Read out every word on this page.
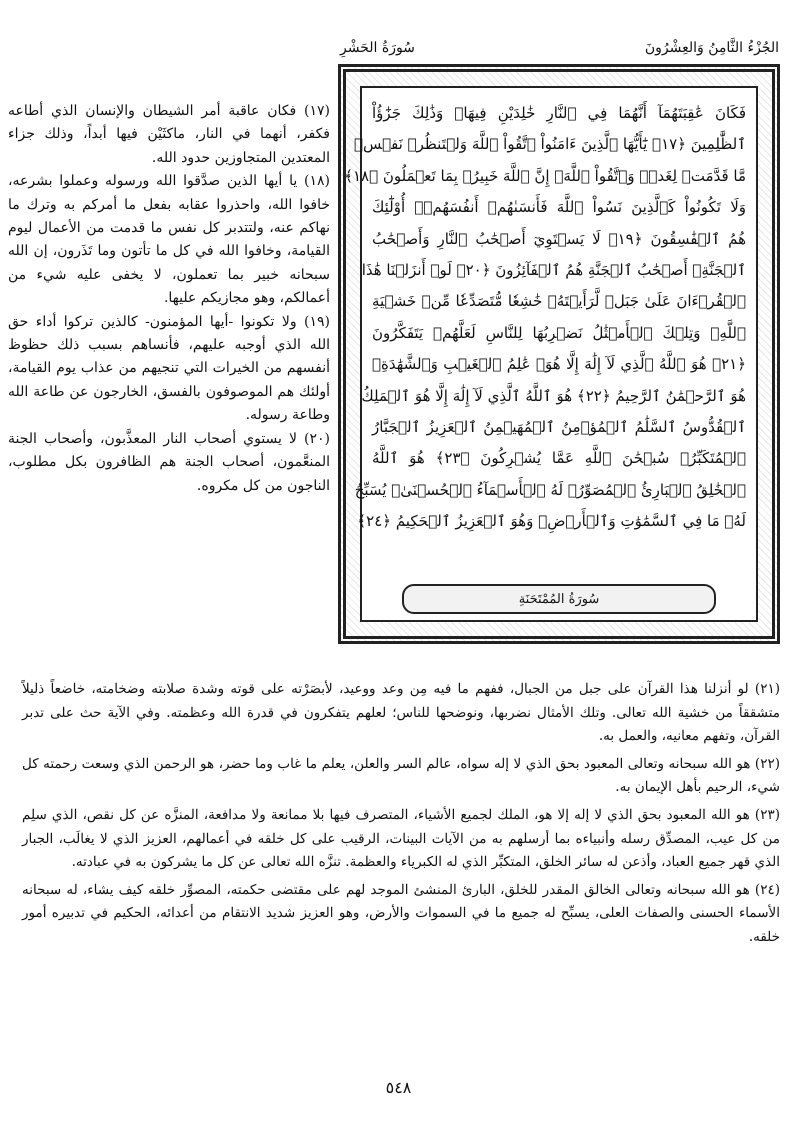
الجُزْءُ الثَّامِنُ وَالعِشْرُونَ
سُورَةُ الحَشْرِ
فَكَانَ عَٰقِبَتَهُمَآ أَنَّهُمَا فِي ٱلنَّارِ خَٰلِدَيْنِ فِيهَاۚ وَذَٰلِكَ جَزَٰٓؤُاْ
ٱلظَّٰلِمِينَ ﴿١٧﴾ يَٰٓأَيُّهَا ٱلَّذِينَ ءَامَنُواْ ٱتَّقُواْ ٱللَّهَ وَلۡتَنظُرۡ نَفۡسٞ
مَّا قَدَّمَتۡ لِغَدٖۖ وَٱتَّقُواْ ٱللَّهَۚ إِنَّ ٱللَّهَ خَبِيرُۢ بِمَا تَعۡمَلُونَ ﴿١٨﴾
وَلَا تَكُونُواْ كَٱلَّذِينَ نَسُواْ ٱللَّهَ فَأَنسَىٰهُمۡ أَنفُسَهُمۡۚ أُوْلَٰٓئِكَ
هُمُ ٱلۡفَٰسِقُونَ ﴿١٩﴾ لَا يَسۡتَوِيٓ أَصۡحَٰبُ ٱلنَّارِ وَأَصۡحَٰبُ
ٱلۡجَنَّةِۚ أَصۡحَٰبُ ٱلۡجَنَّةِ هُمُ ٱلۡفَآئِزُونَ ﴿٢٠﴾ لَوۡ أَنزَلۡنَا هَٰذَا
ٱلۡقُرۡءَانَ عَلَىٰ جَبَلٖ لَّرَأَيۡتَهُۥ خَٰشِعٗا مُّتَصَدِّعٗا مِّنۡ خَشۡيَةِ
ٱللَّهِۚ وَتِلۡكَ ٱلۡأَمۡثَٰلُ نَضۡرِبُهَا لِلنَّاسِ لَعَلَّهُمۡ يَتَفَكَّرُونَ
﴿٢١﴾ هُوَ ٱللَّهُ ٱلَّذِي لَآ إِلَٰهَ إِلَّا هُوَۖ عَٰلِمُ ٱلۡغَيۡبِ وَٱلشَّهَٰدَةِۖ
هُوَ ٱلرَّحۡمَٰنُ ٱلرَّحِيمُ ﴿٢٢﴾ هُوَ ٱللَّهُ ٱلَّذِي لَآ إِلَٰهَ إِلَّا هُوَ ٱلۡمَلِكُ
ٱلۡقُدُّوسُ ٱلسَّلَٰمُ ٱلۡمُؤۡمِنُ ٱلۡمُهَيۡمِنُ ٱلۡعَزِيزُ ٱلۡجَبَّارُ
ٱلۡمُتَكَبِّرُۚ سُبۡحَٰنَ ٱللَّهِ عَمَّا يُشۡرِكُونَ ﴿٢٣﴾ هُوَ ٱللَّهُ
ٱلۡخَٰلِقُ ٱلۡبَارِئُ ٱلۡمُصَوِّرُۖ لَهُ ٱلۡأَسۡمَآءُ ٱلۡحُسۡنَىٰۚ يُسَبِّحُ
لَهُۥ مَا فِي ٱلسَّمَٰوَٰتِ وَٱلۡأَرۡضِۖ وَهُوَ ٱلۡعَزِيزُ ٱلۡحَكِيمُ ﴿٢٤﴾
سُورَةُ المُمْتَحَنَةِ

(١٧) فكان عاقبة أمر الشيطان والإنسان الذي أطاعه فكفر، أنهما في النار، ماكثَيْن فيها أبداً، وذلك جزاء المعتدين المتجاوزين حدود الله.

(١٨) يا أيها الذين صدَّقوا الله ورسوله وعملوا بشرعه، خافوا الله، واحذروا عقابه بفعل ما أمركم به وترك ما نهاكم عنه، ولتتدبر كل نفس ما قدمت من الأعمال ليوم القيامة، وخافوا الله في كل ما تأتون وما تَذَرون، إن الله سبحانه خبير بما تعملون، لا يخفى عليه شيء من أعمالكم، وهو مجازيكم عليها.

(١٩) ولا تكونوا -أيها المؤمنون- كالذين تركوا أداء حق الله الذي أوجبه عليهم، فأنساهم بسبب ذلك حظوظ أنفسهم من الخيرات التي تنجيهم من عذاب يوم القيامة، أولئك هم الموصوفون بالفسق، الخارجون عن طاعة الله وطاعة رسوله.

(٢٠) لا يستوي أصحاب النار المعذَّبون، وأصحاب الجنة المنعَّمون، أصحاب الجنة هم الظافرون بكل مطلوب، الناجون من كل مكروه.

(٢١) لو أنزلنا هذا القرآن على جبل من الجبال، ففهم ما فيه مِن وعد ووعيد، لأبصَرْته على قوته وشدة صلابته وضخامته، خاضعاً ذليلاً متشققاً من خشية الله تعالى. وتلك الأمثال نضربها، ونوضحها للناس؛ لعلهم يتفكرون في قدرة الله وعظمته. وفي الآية حث على تدبر القرآن، وتفهم معانيه، والعمل به.

(٢٢) هو الله سبحانه وتعالى المعبود بحق الذي لا إله سواه، عالم السر والعلن، يعلم ما غاب وما حضر، هو الرحمن الذي وسعت رحمته كل شيء، الرحيم بأهل الإيمان به.

(٢٣) هو الله المعبود بحق الذي لا إله إلا هو، الملك لجميع الأشياء، المتصرف فيها بلا ممانعة ولا مدافعة، المنزَّه عن كل نقص، الذي سلِم من كل عيب، المصدِّق رسله وأنبياءه بما أرسلهم به من الآيات البينات، الرقيب على كل خلقه في أعمالهم، العزيز الذي لا يغالَب، الجبار الذي قهر جميع العباد، وأذعن له سائر الخلق، المتكبِّر الذي له الكبرياء والعظمة. تنزَّه الله تعالى عن كل ما يشركون به في عبادته.

(٢٤) هو الله سبحانه وتعالى الخالق المقدر للخلق، البارئ المنشئ الموجد لهم على مقتضى حكمته، المصوِّر خلقه كيف يشاء، له سبحانه الأسماء الحسنى والصفات العلى، يسبِّح له جميع ما في السموات والأرض، وهو العزيز شديد الانتقام من أعدائه، الحكيم في تدبيره أمور خلقه.

٥٤٨
